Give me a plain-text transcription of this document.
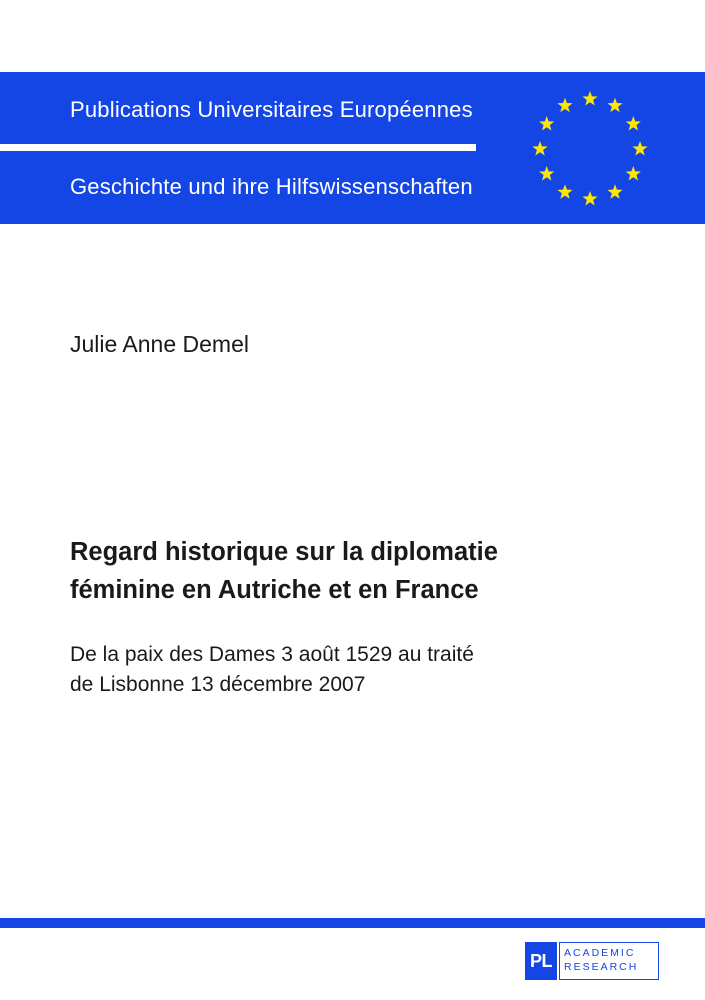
Publications Universitaires Européennes
Geschichte und ihre Hilfswissenschaften
Julie Anne Demel
Regard historique sur la diplomatie
féminine en Autriche et en France
De la paix des Dames 3 août 1529 au traité
de Lisbonne 13 décembre 2007
PL	ACADEMIC
RESEARCH
